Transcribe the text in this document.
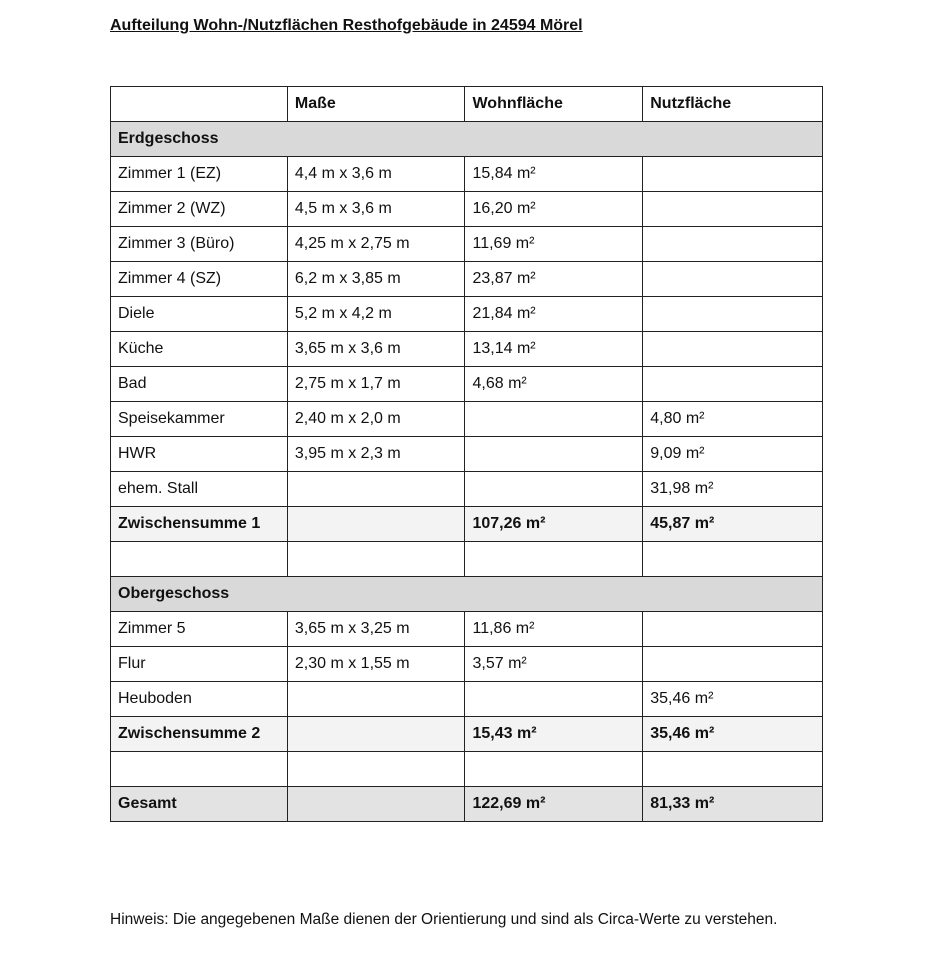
Aufteilung Wohn-/Nutzflächen Resthofgebäude in 24594 Mörel
	Maße	Wohnfläche	Nutzfläche
Erdgeschoss			
Zimmer 1 (EZ)	4,4 m x 3,6 m	15,84 m²	
Zimmer 2 (WZ)	4,5 m x 3,6 m	16,20 m²	
Zimmer 3 (Büro)	4,25 m x 2,75 m	11,69 m²	
Zimmer 4 (SZ)	6,2 m x 3,85 m	23,87 m²	
Diele	5,2 m x 4,2 m	21,84 m²	
Küche	3,65 m x 3,6 m	13,14 m²	
Bad	2,75 m x 1,7 m	4,68 m²	
Speisekammer	2,40 m x 2,0 m		4,80 m²
HWR	3,95 m x 2,3 m		9,09 m²
ehem. Stall			31,98 m²
Zwischensumme 1		107,26 m²	45,87 m²

Obergeschoss			
Zimmer 5	3,65 m x 3,25 m	11,86 m²	
Flur	2,30 m x 1,55 m	3,57 m²	
Heuboden			35,46 m²
Zwischensumme 2		15,43 m²	35,46 m²

Gesamt		122,69 m²	81,33 m²
Hinweis: Die angegebenen Maße dienen der Orientierung und sind als Circa-Werte zu verstehen.
